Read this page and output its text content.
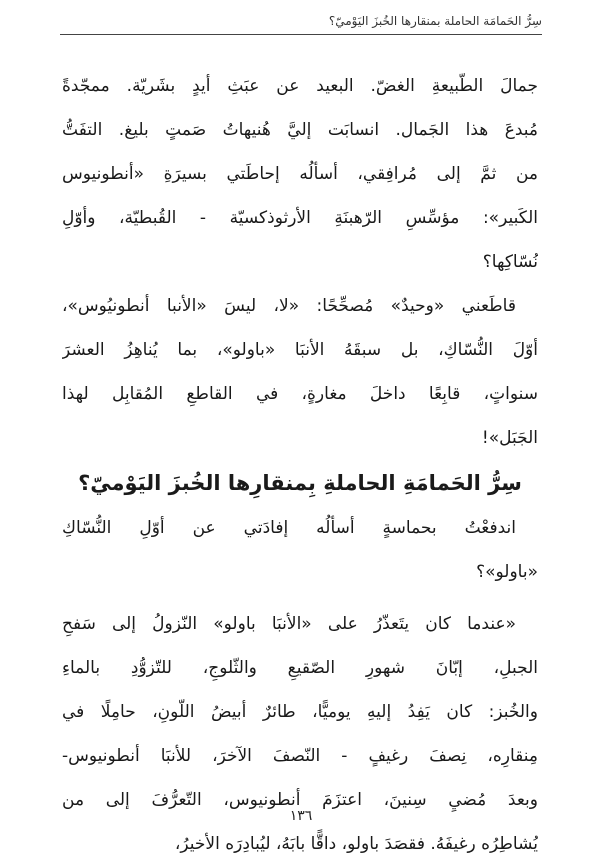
سِرُّ الحَمامَة الحاملة بمنقارِها الخُبزَ اليَوْميّ؟
جمالَ الطّبيعةِ الغضّ. البعيد عن عبَثِ أيدٍ بشَريّة. ممجّدةً
مُبدعَ هذا الجَمال. انسابَت إليَّ هُنيهاتُ صَمتٍ بليغ. التفَتُّ
من ثمَّ إلى مُرافِقي، أسألُه إحاطَتي بسيرَةِ «أنطونيوس
الكَبير»: مؤسِّسِ الرّهبنَةِ الأرثوذكسيّة - القُبطيّة، وأوّلِ
نُسّاكِها؟
قاطَعني «وحيدٌ» مُصحِّحًا: «لا، ليسَ «الأنبا أنطونيُوس»،
أوّلَ النُّسّاكِ، بل سبقَهُ الأنبَا «باولو»، بما يُناهِزُ العشرَ
سنواتٍ، قابِعًا داخلَ مغارةٍ، في القاطعِ المُقابِل لهذا
الجَبَل»!
سِرُّ الحَمامَةِ الحاملةِ بِمنقارِها الخُبزَ اليَوْميّ؟
اندفعْتُ بحماسةٍ أسألُه إفادَتي عن أوّلِ النُّسّاكِ
«باولو»؟
«عندما كان يتَعذّرُ على «الأنبَا باولو» النّزولُ إلى سَفحِ
الجبلِ، إبّانَ شهورِ الصّقيعِ والثّلوجِ، للتّزوُّدِ بالماءِ
والخُبز: كان يَفِدُ إليهِ يوميًّا، طائرٌ أبيضُ اللّونِ، حامِلًا في
مِنقارِه، نِصفَ رغيفٍ - النّصفَ الآخرَ، للأنبَا أنطونيوس-
وبعدَ مُضيِ سِنينَ، اعتزَمَ أنطونيوس، التّعرُّفَ إلى من
يُشاطِرُه رغيفَهُ. فقصَدَ باولو، داقًّا بابَهُ، ليُبادِرَه الأخيرُ،
١٣٦
